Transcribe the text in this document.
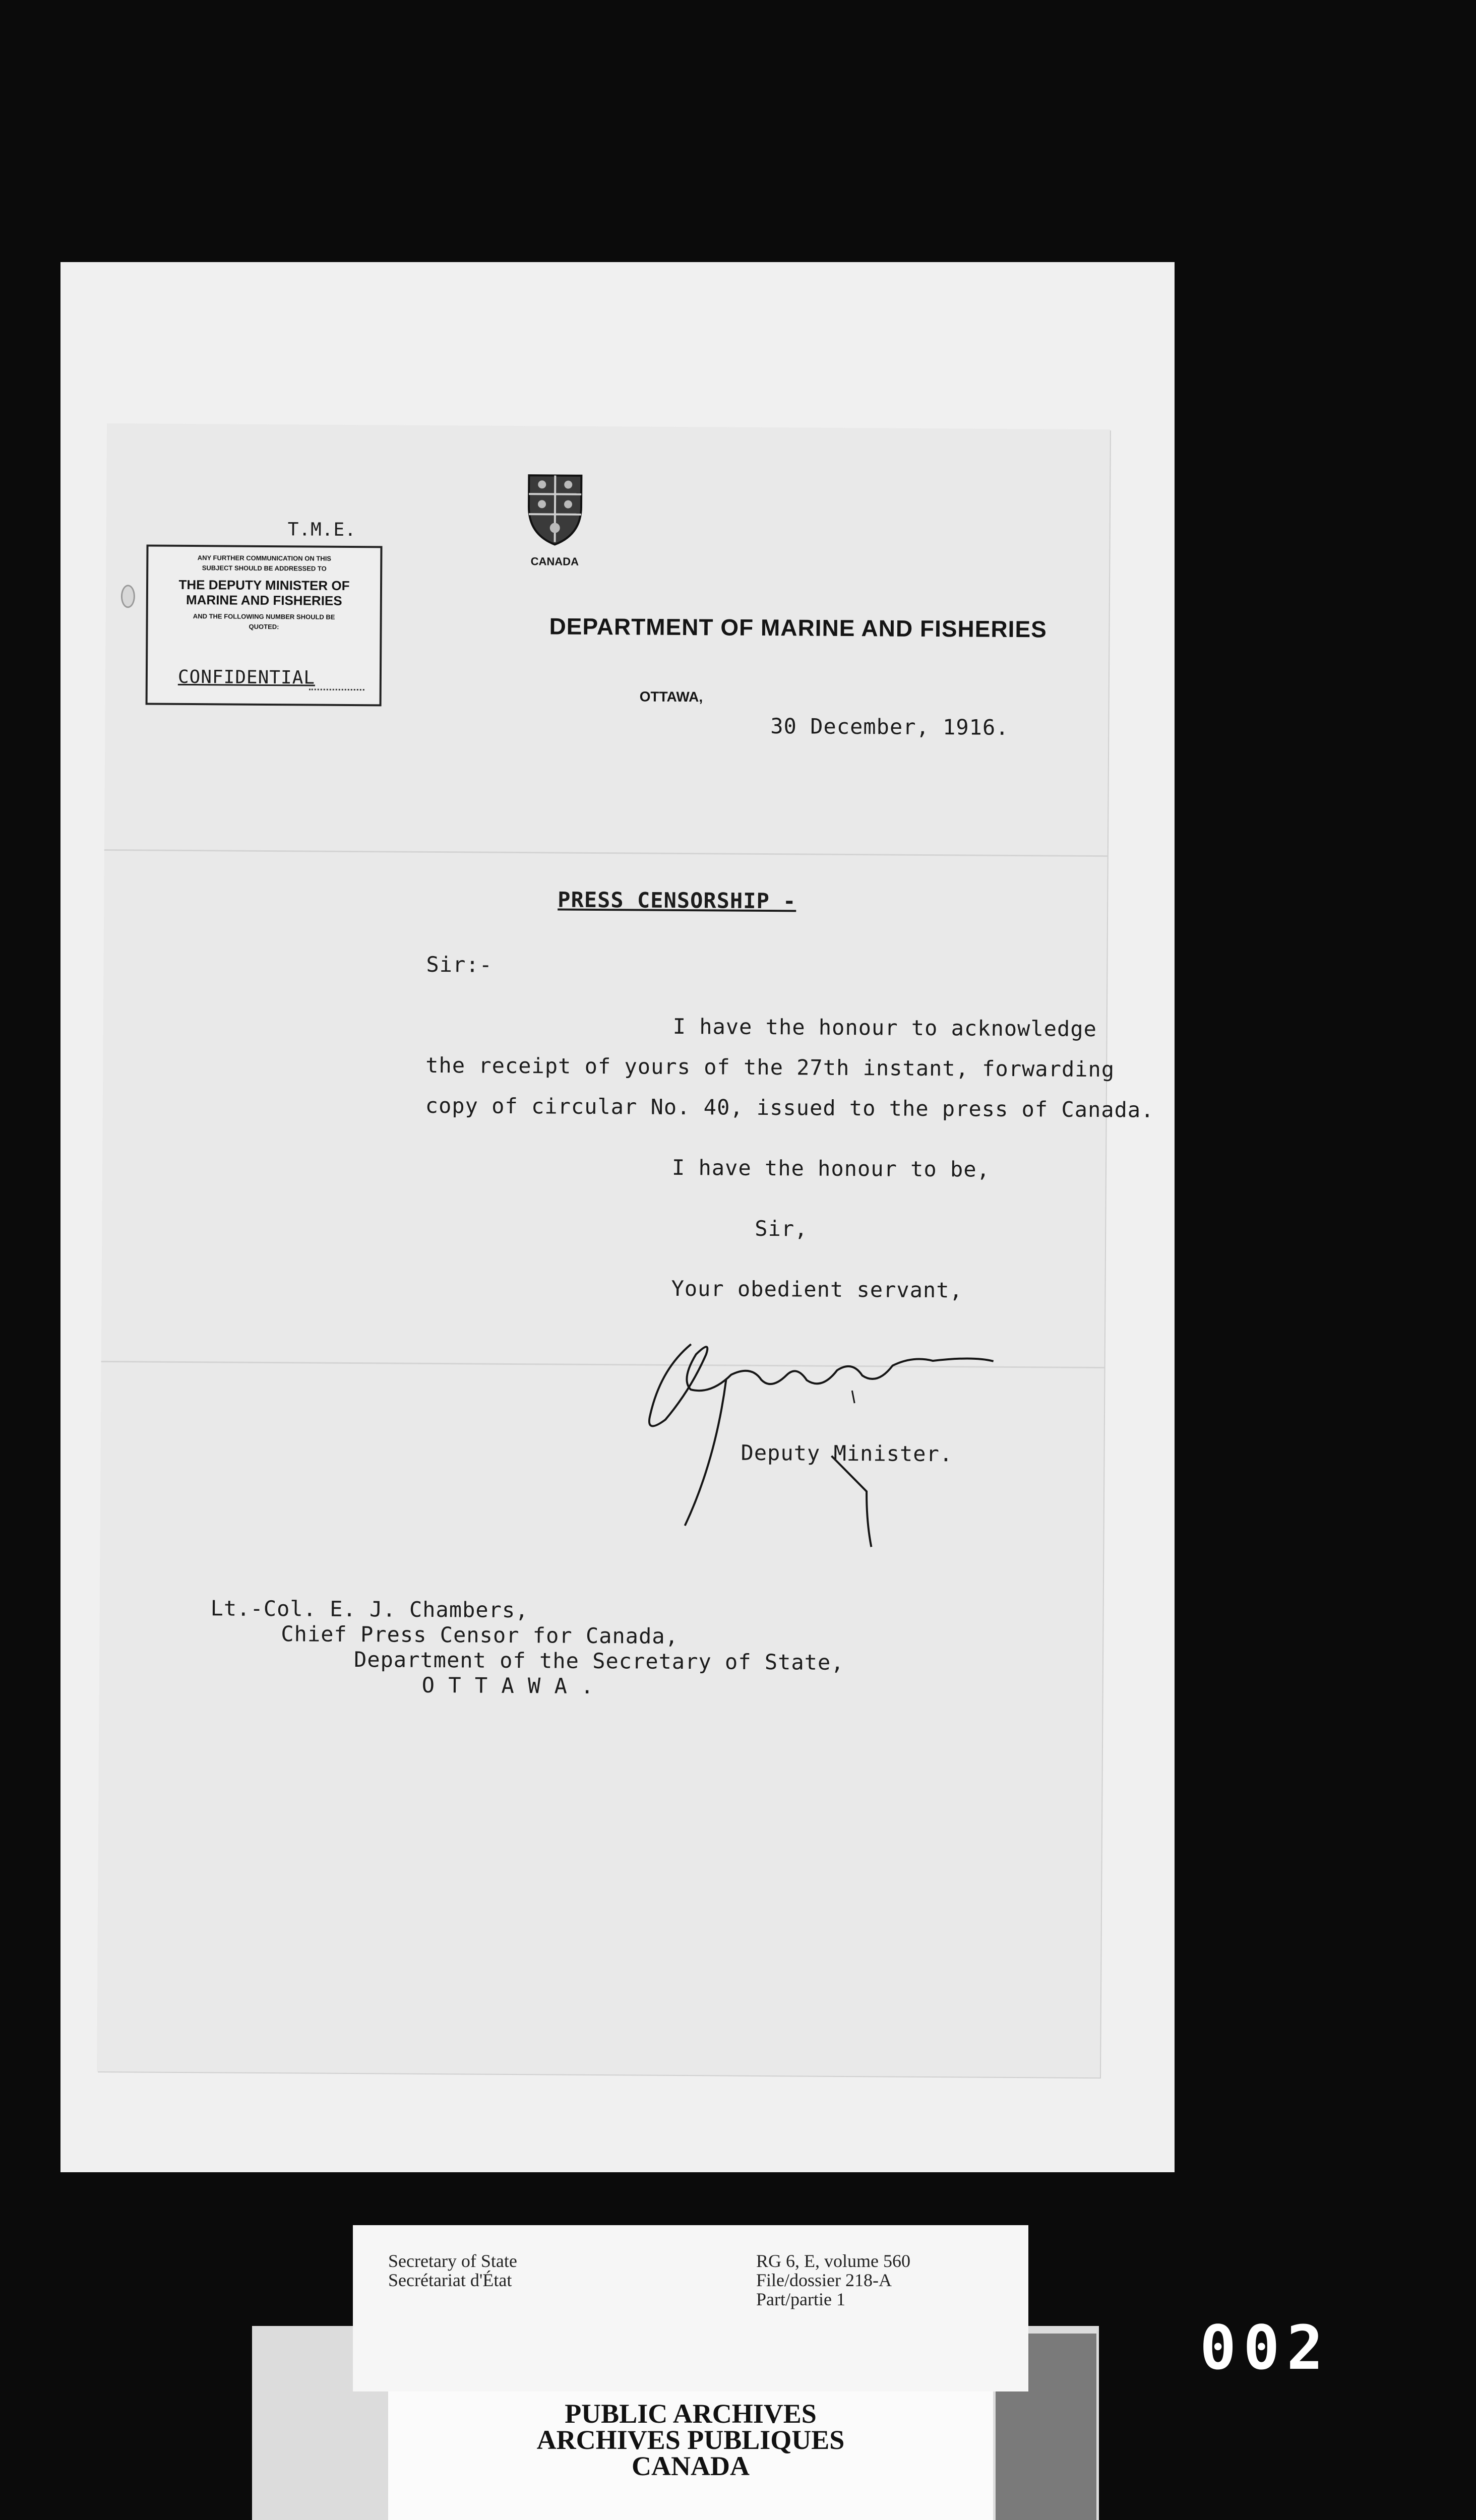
T.M.E.
ANY FURTHER COMMUNICATION ON THIS
SUBJECT SHOULD BE ADDRESSED TO
THE DEPUTY MINISTER OF
MARINE AND FISHERIES
AND THE FOLLOWING NUMBER SHOULD BE
QUOTED:
CONFIDENTIAL
CANADA
DEPARTMENT OF MARINE AND FISHERIES
OTTAWA,
30 December, 1916.
PRESS CENSORSHIP -
Sir:-
I have the honour to acknowledge
the receipt of yours of the 27th instant, forwarding
copy of circular No. 40, issued to the press of Canada.
I have the honour to be,
Sir,
Your obedient servant,
Deputy Minister.
Lt.-Col. E. J. Chambers,
Chief Press Censor for Canada,
Department of the Secretary of State,
O T T A W A .
Secretary of State
Secrétariat d'État
RG 6, E, volume 560
File/dossier 218-A
Part/partie 1
PUBLIC ARCHIVES
ARCHIVES PUBLIQUES
CANADA
002
